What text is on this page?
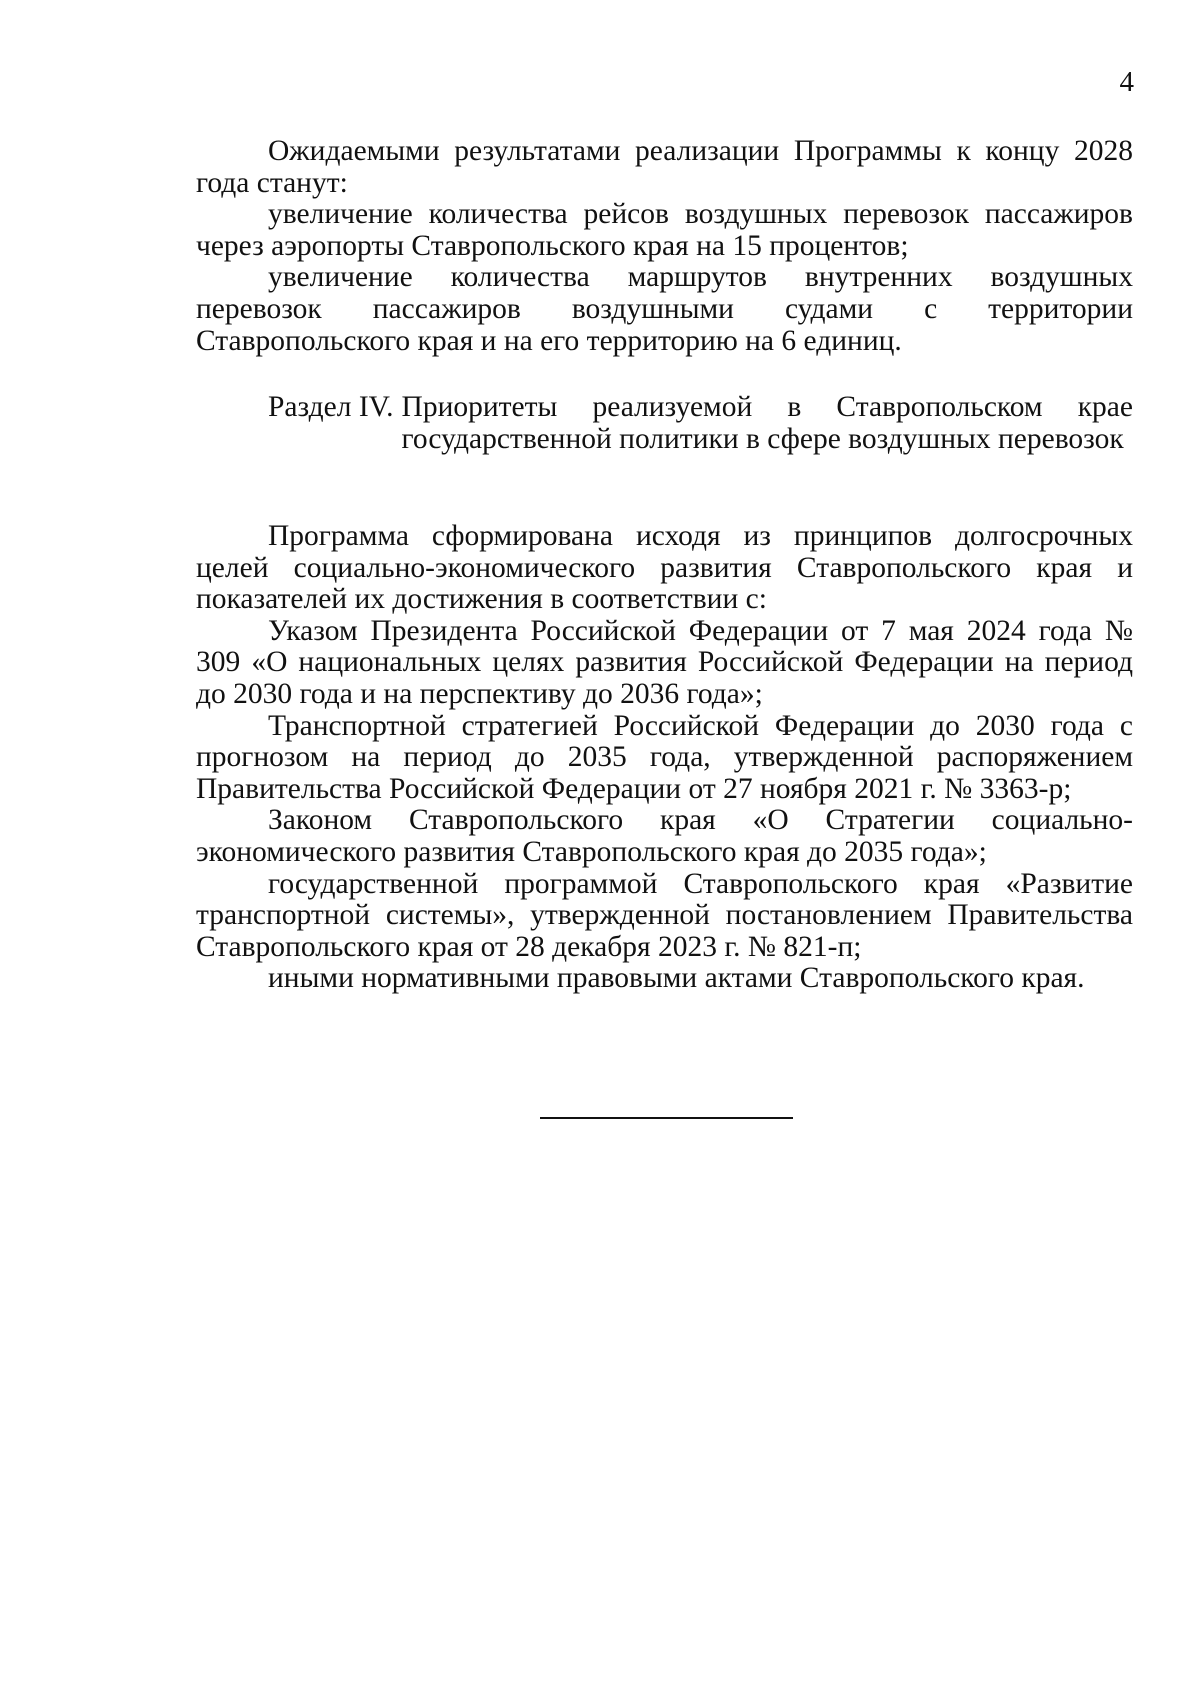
4

Ожидаемыми результатами реализации Программы к концу 2028 года станут:

увеличение количества рейсов воздушных перевозок пассажиров через аэропорты Ставропольского края на 15 процентов;

увеличение количества маршрутов внутренних воздушных перевозок пассажиров воздушными судами с территории Ставропольского края и на его территорию на 6 единиц.

Раздел IV. Приоритеты реализуемой в Ставропольском крае государственной политики в сфере воздушных перевозок

Программа сформирована исходя из принципов долгосрочных целей социально-экономического развития Ставропольского края и показателей их достижения в соответствии с:

Указом Президента Российской Федерации от 7 мая 2024 года № 309 «О национальных целях развития Российской Федерации на период до 2030 года и на перспективу до 2036 года»;

Транспортной стратегией Российской Федерации до 2030 года с прогнозом на период до 2035 года, утвержденной распоряжением Правительства Российской Федерации от 27 ноября 2021 г. № 3363-р;

Законом Ставропольского края «О Стратегии социально-экономического развития Ставропольского края до 2035 года»;

государственной программой Ставропольского края «Развитие транспортной системы», утвержденной постановлением Правительства Ставропольского края от 28 декабря 2023 г. № 821-п;

иными нормативными правовыми актами Ставропольского края.
